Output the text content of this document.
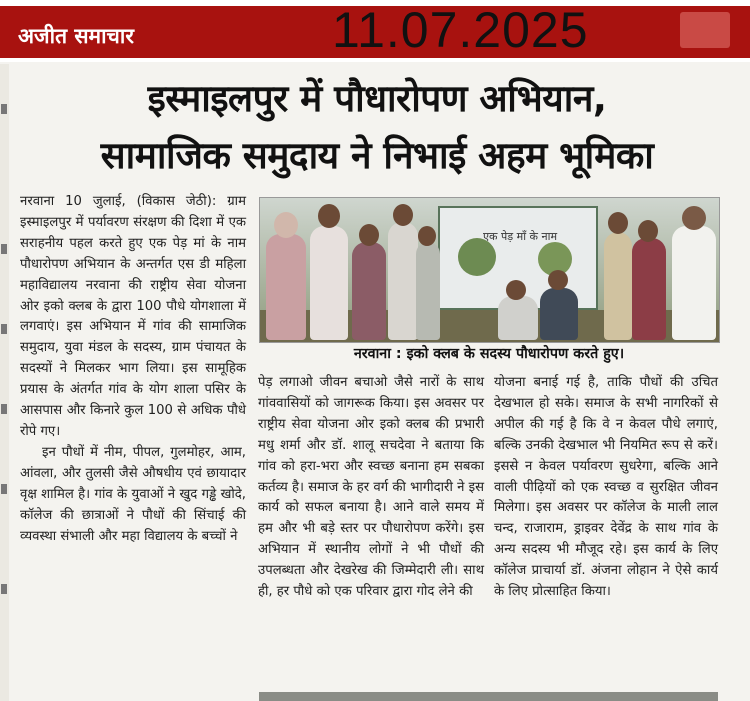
अजीत समाचार	11.07.2025
इस्माइलपुर में पौधारोपण अभियान,
सामाजिक समुदाय ने निभाई अहम भूमिका

नरवाना 10 जुलाई, (विकास जेठी): ग्राम इस्माइलपुर में पर्यावरण संरक्षण की दिशा में एक सराहनीय पहल करते हुए एक पेड़ मां के नाम पौधारोपण अभियान के अन्तर्गत एस डी महिला महाविद्यालय नरवाना की राष्ट्रीय सेवा योजना ओर इको क्लब के द्वारा 100 पौधे योगशाला में लगवाएं। इस अभियान में गांव की सामाजिक समुदाय, युवा मंडल के सदस्य, ग्राम पंचायत के सदस्यों ने मिलकर भाग लिया। इस सामूहिक प्रयास के अंतर्गत गांव के योग शाला पसिर के आसपास और किनारे कुल 100 से अधिक पौधे रोपे गए।
इन पौधों में नीम, पीपल, गुलमोहर, आम, आंवला, और तुलसी जैसे औषधीय एवं छायादार वृक्ष शामिल है। गांव के युवाओं ने खुद गड्ढे खोदे, कॉलेज की छात्राओं ने पौधों की सिंचाई की व्यवस्था संभाली और महा विद्यालय के बच्चों ने

एक पेड़ माँ के नाम
नरवाना : इको क्लब के सदस्य पौधारोपण करते हुए।

पेड़ लगाओ जीवन बचाओ जैसे नारों के साथ गांववासियों को जागरूक किया। इस अवसर पर राष्ट्रीय सेवा योजना ओर इको क्लब की प्रभारी मधु शर्मा और डॉ. शालू सचदेवा ने बताया कि गांव को हरा-भरा और स्वच्छ बनाना हम सबका कर्तव्य है। समाज के हर वर्ग की भागीदारी ने इस कार्य को सफल बनाया है। आने वाले समय में हम और भी बड़े स्तर पर पौधारोपण करेंगे। इस अभियान में स्थानीय लोगों ने भी पौधों की उपलब्धता और देखरेख की जिम्मेदारी ली। साथ ही, हर पौधे को एक परिवार द्वारा गोद लेने की

योजना बनाई गई है, ताकि पौधों की उचित देखभाल हो सके। समाज के सभी नागरिकों से अपील की गई है कि वे न केवल पौधे लगाएं, बल्कि उनकी देखभाल भी नियमित रूप से करें। इससे न केवल पर्यावरण सुधरेगा, बल्कि आने वाली पीढ़ियों को एक स्वच्छ व सुरक्षित जीवन मिलेगा। इस अवसर पर कॉलेज के माली लाल चन्द, राजाराम, ड्राइवर देवेंद्र के साथ गांव के अन्य सदस्य भी मौजूद रहे। इस कार्य के लिए कॉलेज प्राचार्या डॉ. अंजना लोहान ने ऐसे कार्य के लिए प्रोत्साहित किया।
